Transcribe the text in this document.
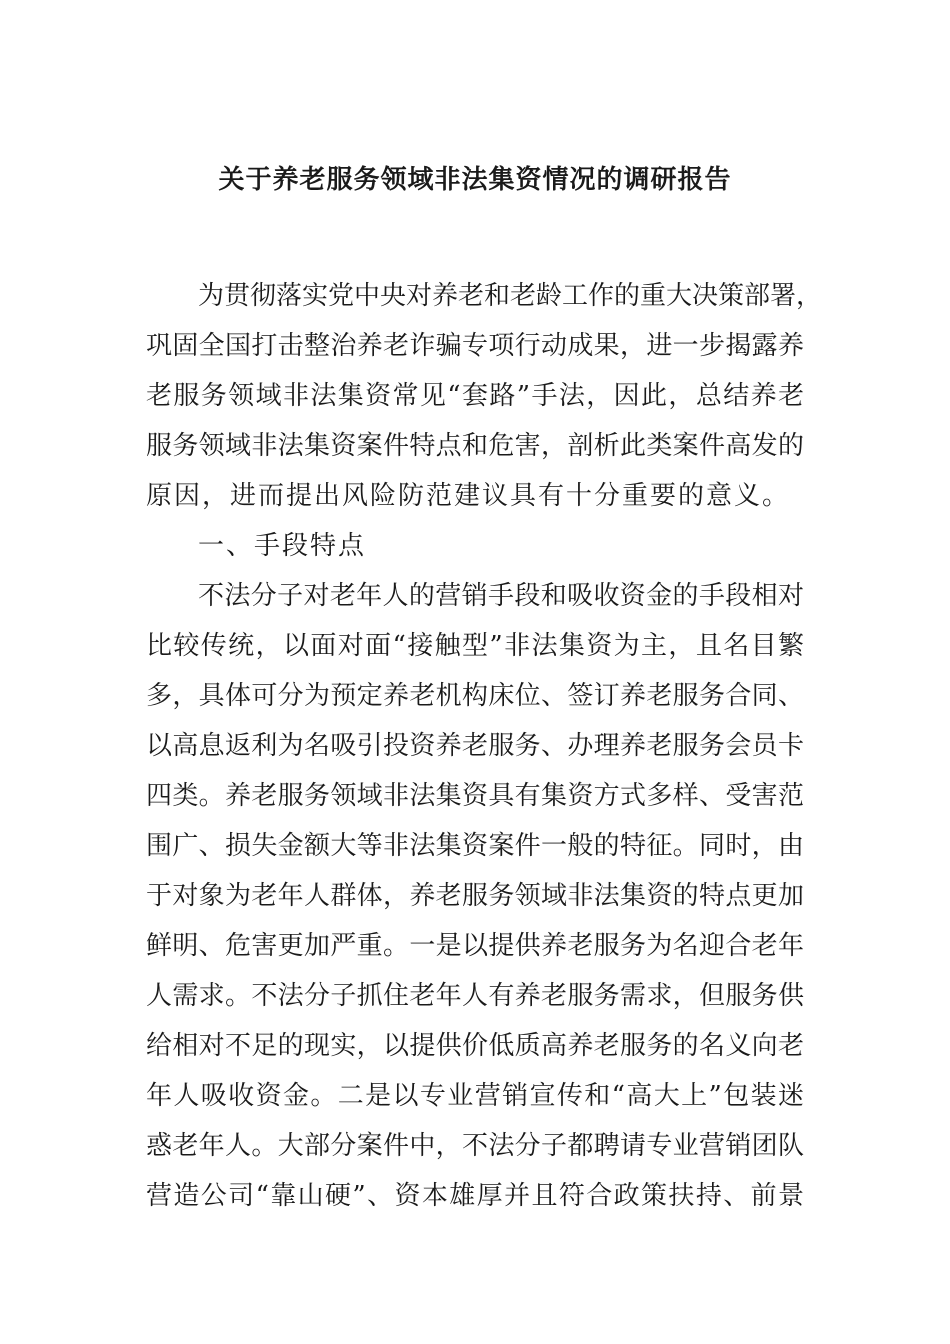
关于养老服务领域非法集资情况的调研报告
为贯彻落实党中央对养老和老龄工作的重大决策部署，
巩固全国打击整治养老诈骗专项行动成果，进一步揭露养
老服务领域非法集资常见“套路”手法，因此，总结养老
服务领域非法集资案件特点和危害，剖析此类案件高发的
原因，进而提出风险防范建议具有十分重要的意义。
一、手段特点
不法分子对老年人的营销手段和吸收资金的手段相对
比较传统，以面对面“接触型”非法集资为主，且名目繁
多，具体可分为预定养老机构床位、签订养老服务合同、
以高息返利为名吸引投资养老服务、办理养老服务会员卡
四类。养老服务领域非法集资具有集资方式多样、受害范
围广、损失金额大等非法集资案件一般的特征。同时，由
于对象为老年人群体，养老服务领域非法集资的特点更加
鲜明、危害更加严重。一是以提供养老服务为名迎合老年
人需求。不法分子抓住老年人有养老服务需求，但服务供
给相对不足的现实，以提供价低质高养老服务的名义向老
年人吸收资金。二是以专业营销宣传和“高大上”包装迷
惑老年人。大部分案件中，不法分子都聘请专业营销团队
营造公司“靠山硬”、资本雄厚并且符合政策扶持、前景
